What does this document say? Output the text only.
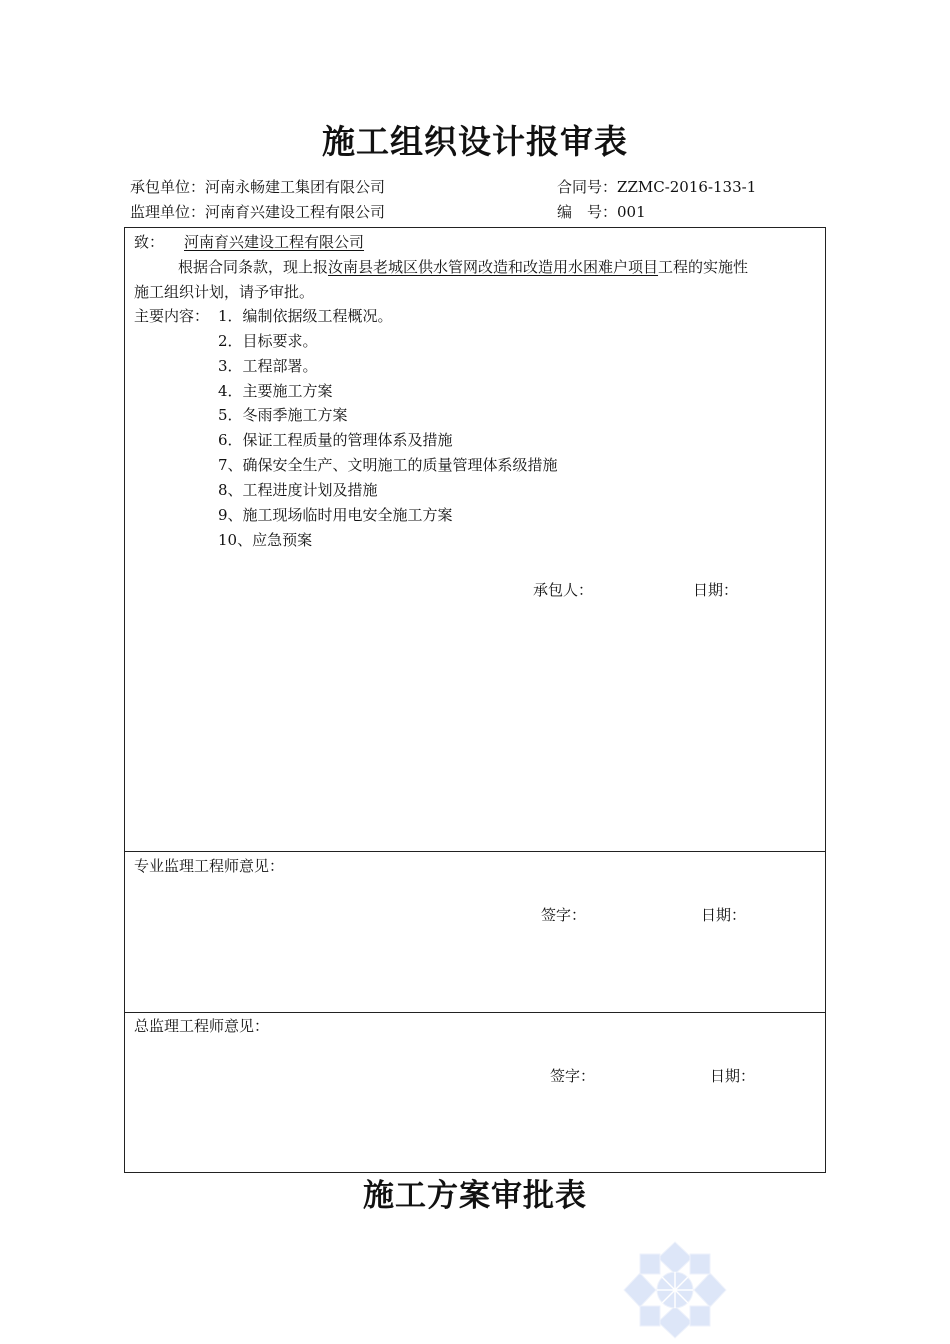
施工组织设计报审表
承包单位：河南永畅建工集团有限公司	合同号：ZZMC-2016-133-1
监理单位：河南育兴建设工程有限公司	编　号：001
致： 河南育兴建设工程有限公司
根据合同条款，现上报汝南县老城区供水管网改造和改造用水困难户项目工程的实施性
施工组织计划，请予审批。
主要内容： 1．编制依据级工程概况。
2．目标要求。
3．工程部署。
4．主要施工方案
5．冬雨季施工方案
6．保证工程质量的管理体系及措施
7、确保安全生产、文明施工的质量管理体系级措施
8、工程进度计划及措施
9、施工现场临时用电安全施工方案
10、应急预案
承包人：	日期：
专业监理工程师意见：
签字：	日期：
总监理工程师意见：
签字：	日期：
施工方案审批表
